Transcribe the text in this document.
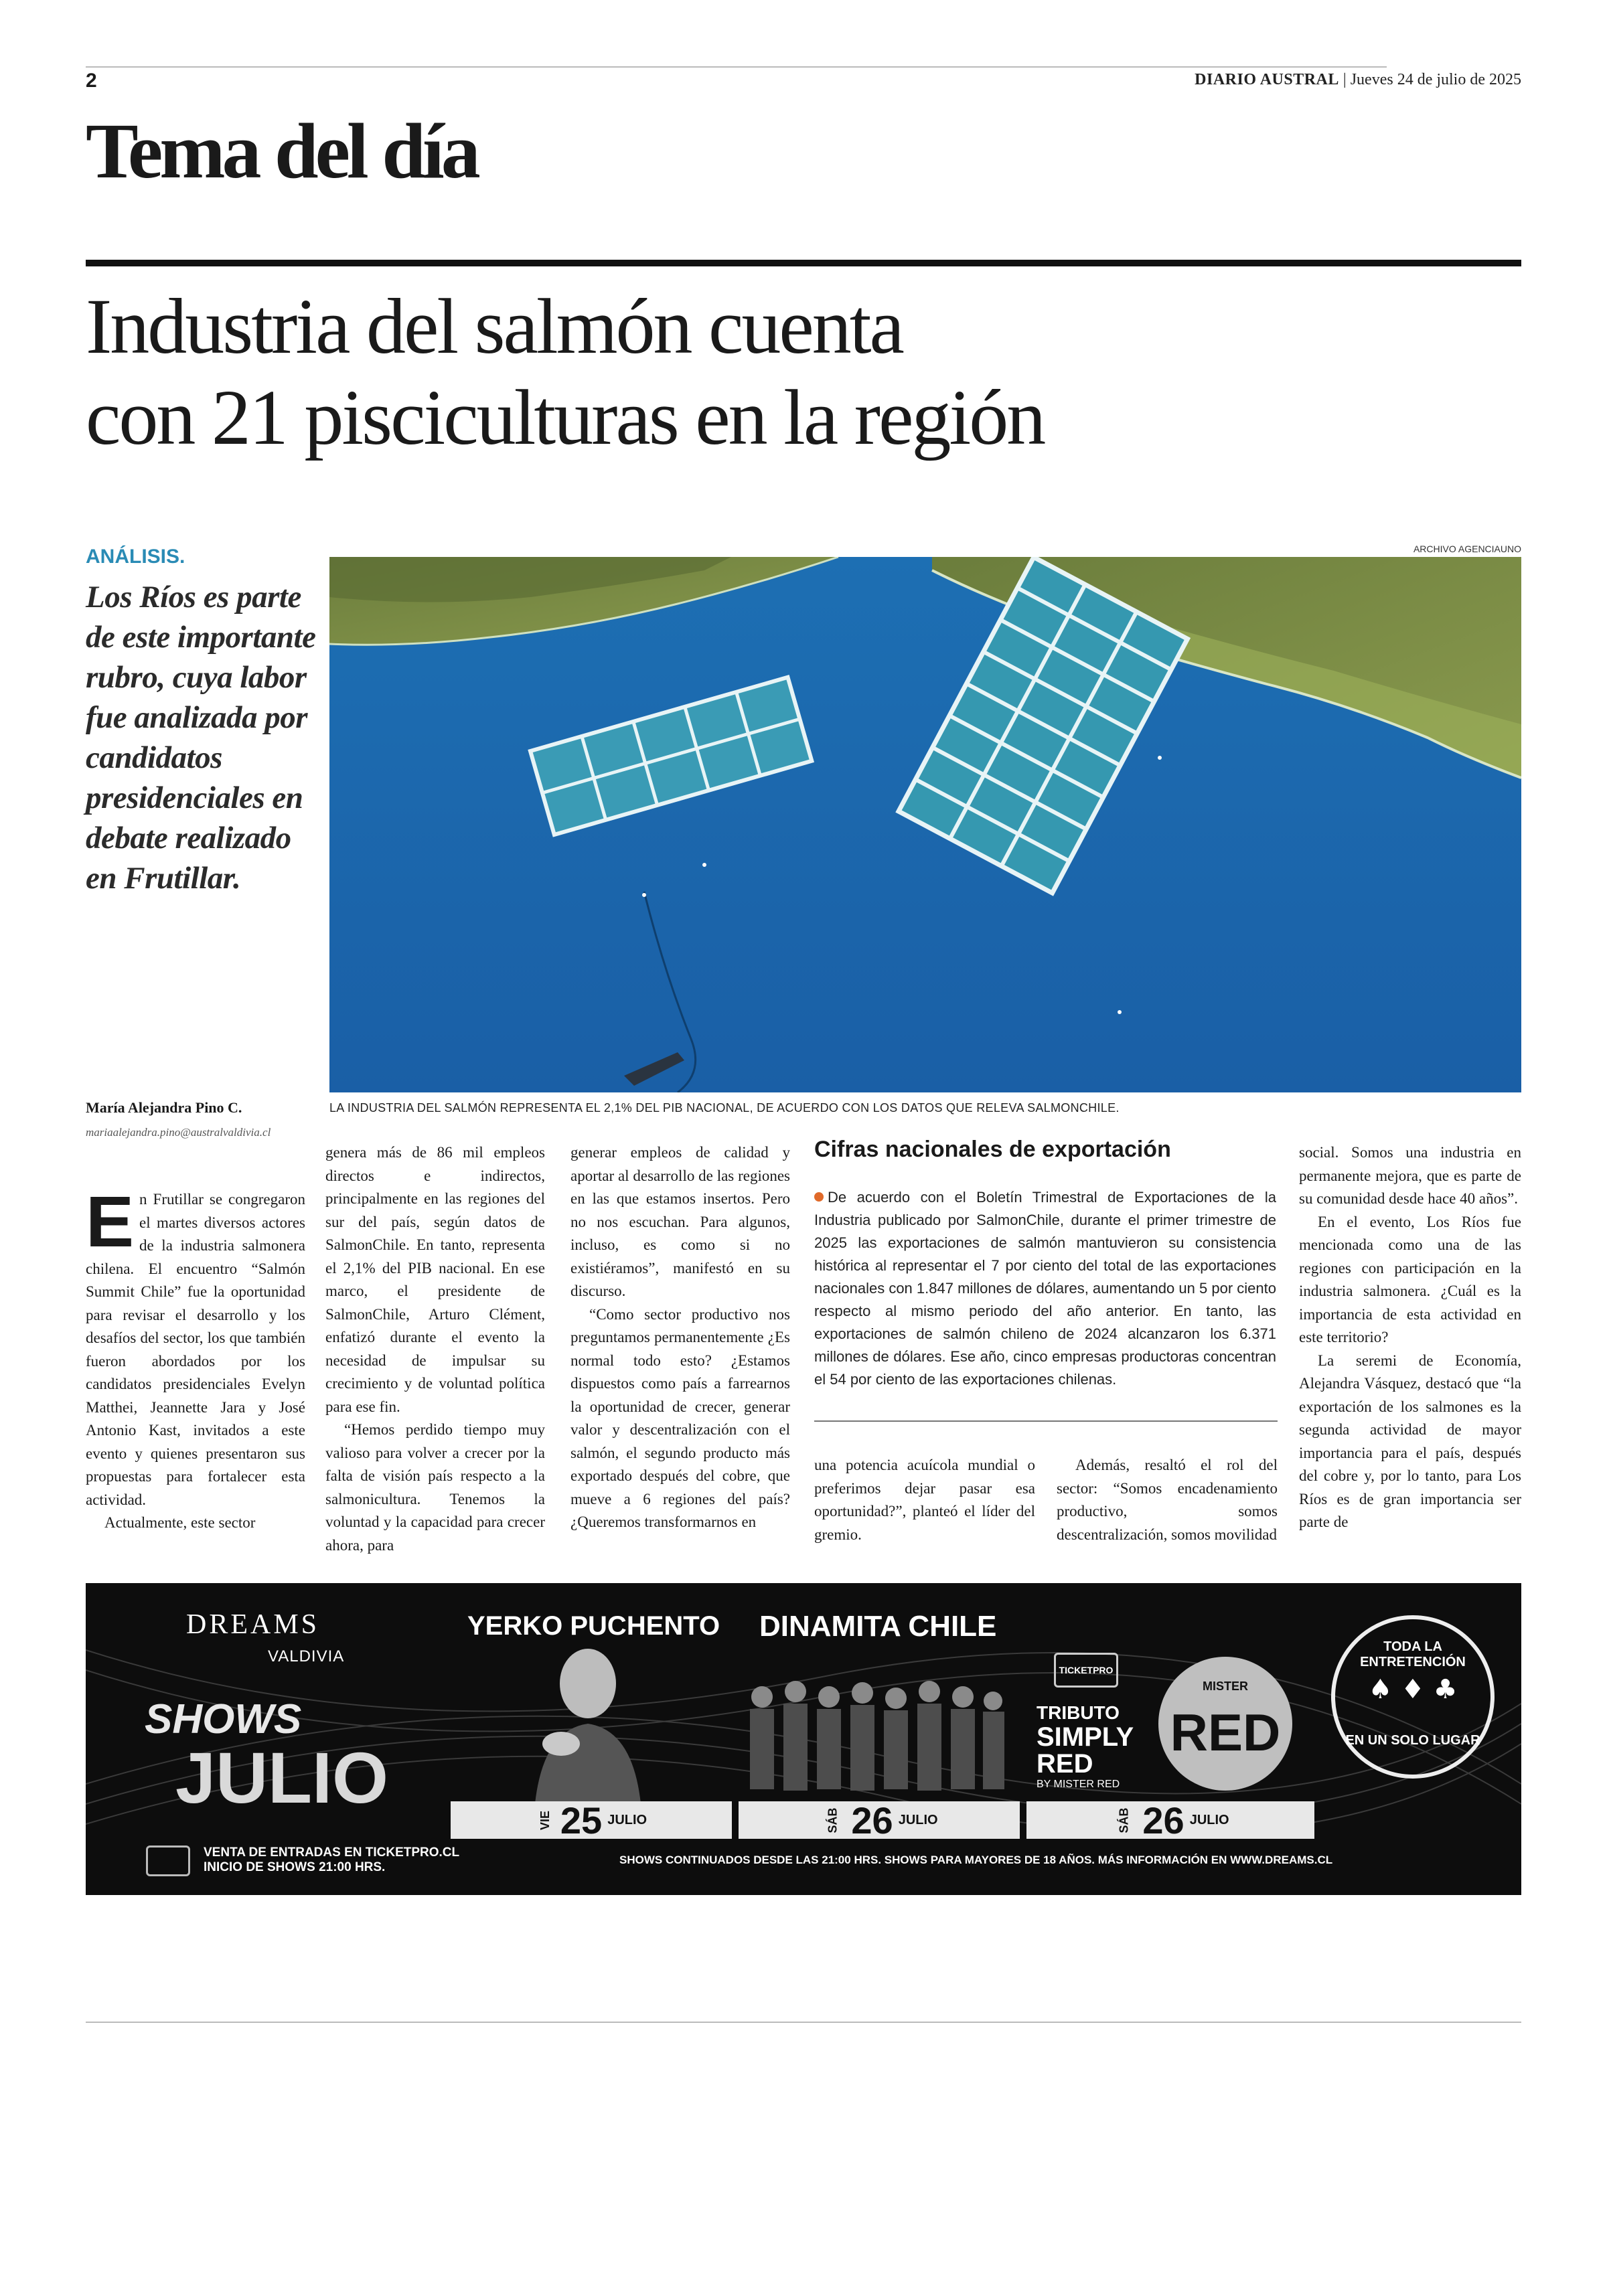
2	DIARIO AUSTRAL | Jueves 24 de julio de 2025
Tema del día
Industria del salmón cuenta
con 21 pisciculturas en la región
ANÁLISIS.
Los Ríos es parte de este importante rubro, cuya labor fue analizada por candidatos presidenciales en debate realizado en Frutillar.
María Alejandra Pino C.
mariaalejandra.pino@australvaldivia.cl
ARCHIVO AGENCIAUNO
LA INDUSTRIA DEL SALMÓN REPRESENTA EL 2,1% DEL PIB NACIONAL, DE ACUERDO CON LOS DATOS QUE RELEVA SALMONCHILE.

En Frutillar se congregaron el martes diversos actores de la industria salmonera chilena. El encuentro “Salmón Summit Chile” fue la oportunidad para revisar el desarrollo y los desafíos del sector, los que también fueron abordados por los candidatos presidenciales Evelyn Matthei, Jeannette Jara y José Antonio Kast, invitados a este evento y quienes presentaron sus propuestas para fortalecer esta actividad.

Actualmente, este sector

genera más de 86 mil empleos directos e indirectos, principalmente en las regiones del sur del país, según datos de SalmonChile. En tanto, representa el 2,1% del PIB nacional. En ese marco, el presidente de SalmonChile, Arturo Clément, enfatizó durante el evento la necesidad de impulsar su crecimiento y de voluntad política para ese fin.

“Hemos perdido tiempo muy valioso para volver a crecer por la falta de visión país respecto a la salmonicultura. Tenemos la voluntad y la capacidad para crecer ahora, para

generar empleos de calidad y aportar al desarrollo de las regiones en las que estamos insertos. Pero no nos escuchan. Para algunos, incluso, es como si no existiéramos”, manifestó en su discurso.

“Como sector productivo nos preguntamos permanentemente ¿Es normal todo esto? ¿Estamos dispuestos como país a farrearnos la oportunidad de crecer, generar valor y descentralización con el salmón, el segundo producto más exportado después del cobre, que mueve a 6 regiones del país? ¿Queremos transformarnos en

Cifras nacionales de exportación
De acuerdo con el Boletín Trimestral de Exportaciones de la Industria publicado por SalmonChile, durante el primer trimestre de 2025 las exportaciones de salmón mantuvieron su consistencia histórica al representar el 7 por ciento del total de las exportaciones nacionales con 1.847 millones de dólares, aumentando un 5 por ciento respecto al mismo periodo del año anterior. En tanto, las exportaciones de salmón chileno de 2024 alcanzaron los 6.371 millones de dólares. Ese año, cinco empresas productoras concentran el 54 por ciento de las exportaciones chilenas.

una potencia acuícola mundial o preferimos dejar pasar esa oportunidad?”, planteó el líder del gremio.

Además, resaltó el rol del sector: “Somos encadenamiento productivo, somos descentralización, somos movilidad

social. Somos una industria en permanente mejora, que es parte de su comunidad desde hace 40 años”.

En el evento, Los Ríos fue mencionada como una de las regiones con participación en la industria salmonera. ¿Cuál es la importancia de esta actividad en este territorio?

La seremi de Economía, Alejandra Vásquez, destacó que “la exportación de los salmones es la segunda actividad de mayor importancia para el país, después del cobre y, por lo tanto, para Los Ríos es de gran importancia ser parte de

DREAMS
VALDIVIA
SHOWS
JULIO
YERKO PUCHENTO DINAMITA CHILE
TICKETPRO
TRIBUTO
SIMPLY
RED
BY MISTER RED
MISTER
RED
TODA LA ENTRETENCIÓN
♠ ♦ ♣
EN UN SOLO LUGAR
VIE 25 JULIO	SÁB 26 JULIO	SÁB 26 JULIO
VENTA DE ENTRADAS EN TICKETPRO.CL
INICIO DE SHOWS 21:00 HRS.
SHOWS CONTINUADOS DESDE LAS 21:00 HRS. SHOWS PARA MAYORES DE 18 AÑOS. MÁS INFORMACIÓN EN WWW.DREAMS.CL
